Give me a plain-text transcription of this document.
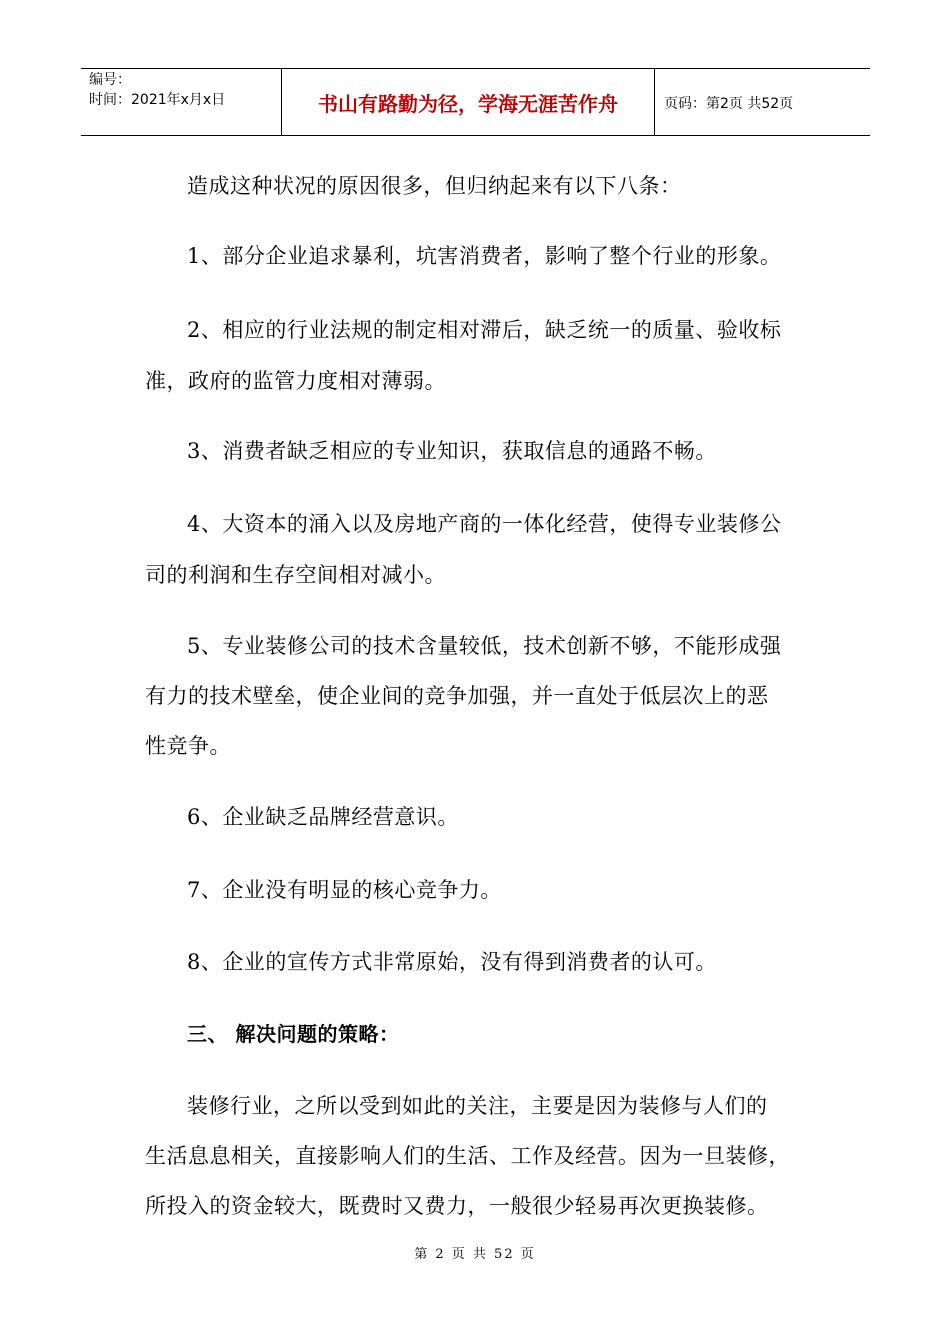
编号：
时间：2021年x月x日	书山有路勤为径，学海无涯苦作舟	页码：第2页 共52页
造成这种状况的原因很多，但归纳起来有以下八条：
1、部分企业追求暴利，坑害消费者，影响了整个行业的形象。
2、相应的行业法规的制定相对滞后，缺乏统一的质量、验收标
准，政府的监管力度相对薄弱。
3、消费者缺乏相应的专业知识，获取信息的通路不畅。
4、大资本的涌入以及房地产商的一体化经营，使得专业装修公
司的利润和生存空间相对减小。
5、专业装修公司的技术含量较低，技术创新不够，不能形成强
有力的技术壁垒，使企业间的竞争加强，并一直处于低层次上的恶
性竞争。
6、企业缺乏品牌经营意识。
7、企业没有明显的核心竞争力。
8、企业的宣传方式非常原始，没有得到消费者的认可。
三、 解决问题的策略：
装修行业，之所以受到如此的关注，主要是因为装修与人们的
生活息息相关，直接影响人们的生活、工作及经营。因为一旦装修，
所投入的资金较大，既费时又费力，一般很少轻易再次更换装修。
第 2 页 共 52 页
